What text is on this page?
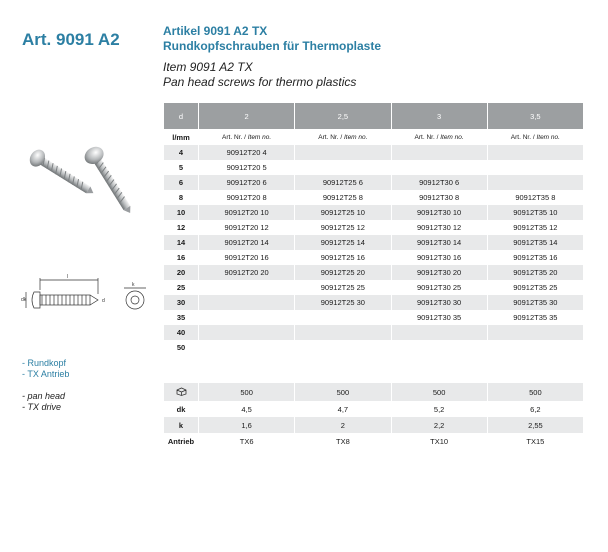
Art. 9091 A2	Artikel 9091 A2 TX
Rundkopfschrauben für Thermoplaste
Item 9091 A2 TX
Pan head screws for thermo plastics
l
dk	d
k
- Rundkopf
- TX Antrieb
- pan head
- TX drive
d	2	2,5	3	3,5
l/mm	Art. Nr. / Item no.	Art. Nr. / Item no.	Art. Nr. / Item no.	Art. Nr. / Item no.
4	90912T20 4			
5	90912T20 5			
6	90912T20 6	90912T25 6	90912T30 6	
8	90912T20 8	90912T25 8	90912T30 8	90912T35 8
10	90912T20 10	90912T25 10	90912T30 10	90912T35 10
12	90912T20 12	90912T25 12	90912T30 12	90912T35 12
14	90912T20 14	90912T25 14	90912T30 14	90912T35 14
16	90912T20 16	90912T25 16	90912T30 16	90912T35 16
20	90912T20 20	90912T25 20	90912T30 20	90912T35 20
25		90912T25 25	90912T30 25	90912T35 25
30		90912T25 30	90912T30 30	90912T35 30
35			90912T30 35	90912T35 35
40				
50				
	500	500	500	500
dk	4,5	4,7	5,2	6,2
k	1,6	2	2,2	2,55
Antrieb	TX6	TX8	TX10	TX15
